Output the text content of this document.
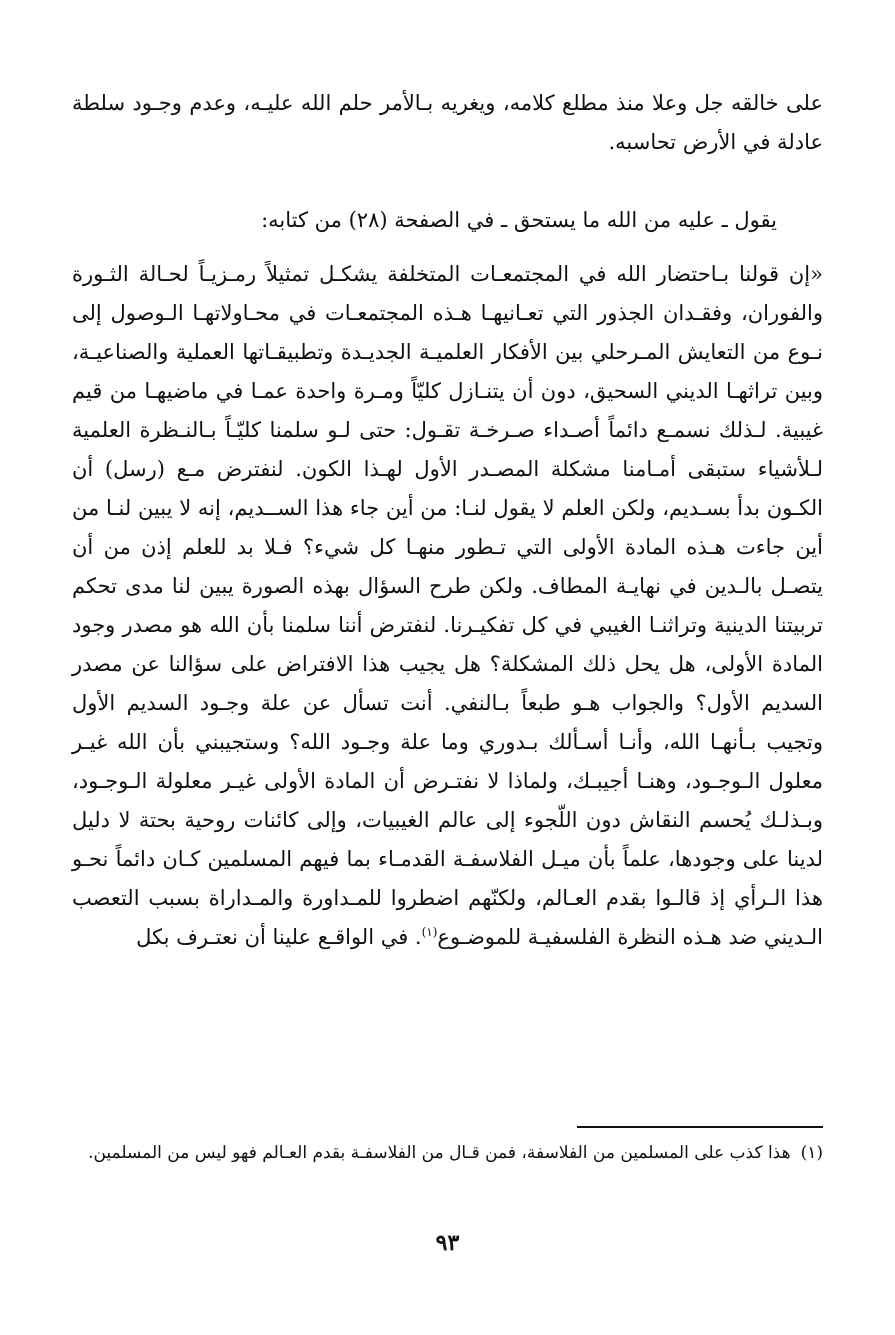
على خالقه جل وعلا منذ مطلع كلامه، ويغريه بـالأمر حلم الله عليـه، وعدم وجـود سلطة عادلة في الأرض تحاسبه.

يقول ـ عليه من الله ما يستحق ـ في الصفحة (٢٨) من كتابه:

«إن قولنا بـاحتضار الله في المجتمعـات المتخلفة يشكـل تمثيلاً رمـزيـاً لحـالة الثـورة والفوران، وفقـدان الجذور التي تعـانيهـا هـذه المجتمعـات في محـاولاتهـا الـوصول إلى نـوع من التعايش المـرحلي بين الأفكار العلميـة الجديـدة وتطبيقـاتها العملية والصناعيـة، وبين تراثهـا الديني السحيق، دون أن يتنـازل كليّاً ومـرة واحدة عمـا في ماضيهـا من قيم غيبية. لـذلك نسمـع دائماً أصـداء صـرخـة تقـول: حتى لـو سلمنا كليّـاً بـالنـظرة العلمية لـلأشياء ستبقى أمـامنا مشكلة المصـدر الأول لهـذا الكون. لنفترض مـع (رسل) أن الكـون بدأ بسـديم، ولكن العلم لا يقول لنـا: من أين جاء هذا الســديم، إنه لا يبين لنـا من أين جاءت هـذه المادة الأولى التي تـطور منهـا كل شيء؟ فـلا بد للعلم إذن من أن يتصـل بالـدين في نهايـة المطاف. ولكن طرح السؤال بهذه الصورة يبين لنا مدى تحكم تربيتنا الدينية وتراثنـا الغيبي في كل تفكيـرنا. لنفترض أننا سلمنا بأن الله هو مصدر وجود المادة الأولى، هل يحل ذلك المشكلة؟ هل يجيب هذا الافتراض على سؤالنا عن مصدر السديم الأول؟ والجواب هـو طبعاً بـالنفي. أنت تسأل عن علة وجـود السديم الأول وتجيب بـأنهـا الله، وأنـا أسـألك بـدوري وما علة وجـود الله؟ وستجيبني بأن الله غيـر معلول الـوجـود، وهنـا أجيبـك، ولماذا لا نفتـرض أن المادة الأولى غيـر معلولة الـوجـود، وبـذلـك يُحسم النقاش دون اللّجوء إلى عالم الغيبيات، وإلى كائنات روحية بحتة لا دليل لدينا على وجودها، علماً بأن ميـل الفلاسفـة القدمـاء بما فيهم المسلمين كـان دائماً نحـو هذا الـرأي إذ قالـوا بقدم العـالم، ولكنّهم اضطروا للمـداورة والمـداراة بسبب التعصب الـديني ضد هـذه النظرة الفلسفيـة للموضـوع$^{(١)}$. في الواقـع علينا أن نعتـرف بكل

(١)هذا كذب على المسلمين من الفلاسفة، فمن قـال من الفلاسفـة بقدم العـالم فهو ليس من المسلمين.

٩٣
